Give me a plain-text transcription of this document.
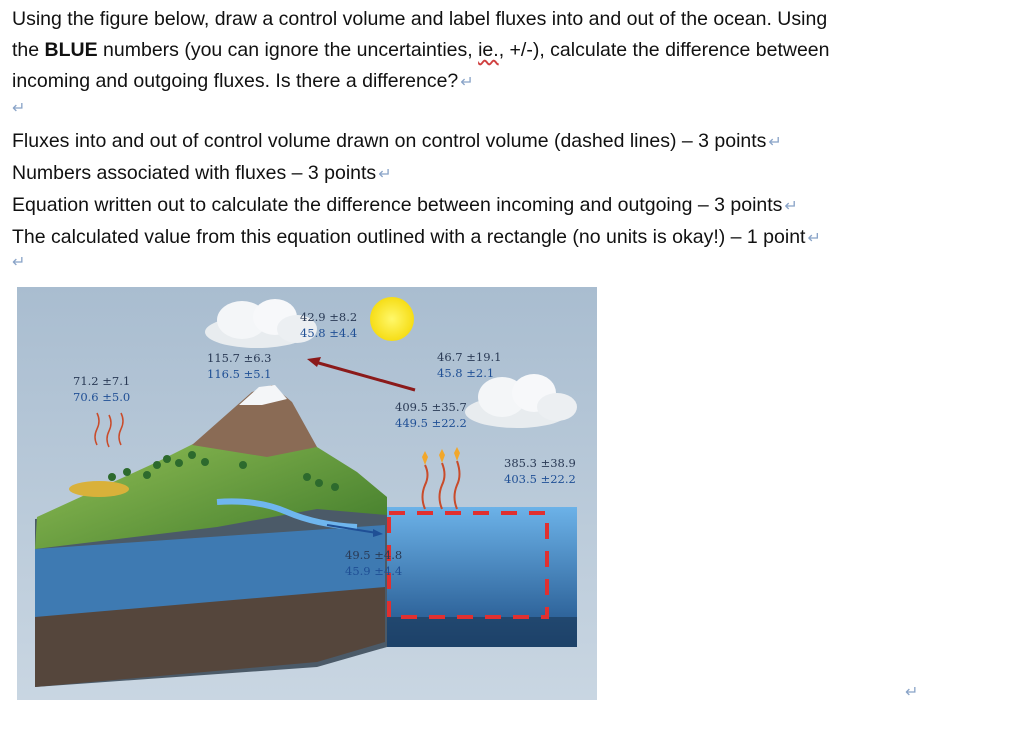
Using the figure below, draw a control volume and label fluxes into and out of the ocean. Using
the BLUE numbers (you can ignore the uncertainties, ie., +/-), calculate the difference between
incoming and outgoing fluxes. Is there a difference? ↵
↵
Fluxes into and out of control volume drawn on control volume (dashed lines) – 3 points ↵
Numbers associated with fluxes – 3 points ↵
Equation written out to calculate the difference between incoming and outgoing – 3 points ↵
The calculated value from this equation outlined with a rectangle (no units is okay!) – 1 point ↵
↵
71.2 ±7.1
70.6 ±5.0
115.7 ±6.3
116.5 ±5.1
42.9 ±8.2
45.8 ±4.4
46.7 ±19.1
45.8 ±2.1
409.5 ±35.7
449.5 ±22.2
385.3 ±38.9
403.5 ±22.2
49.5 ±4.8
45.9 ±4.4
↵
